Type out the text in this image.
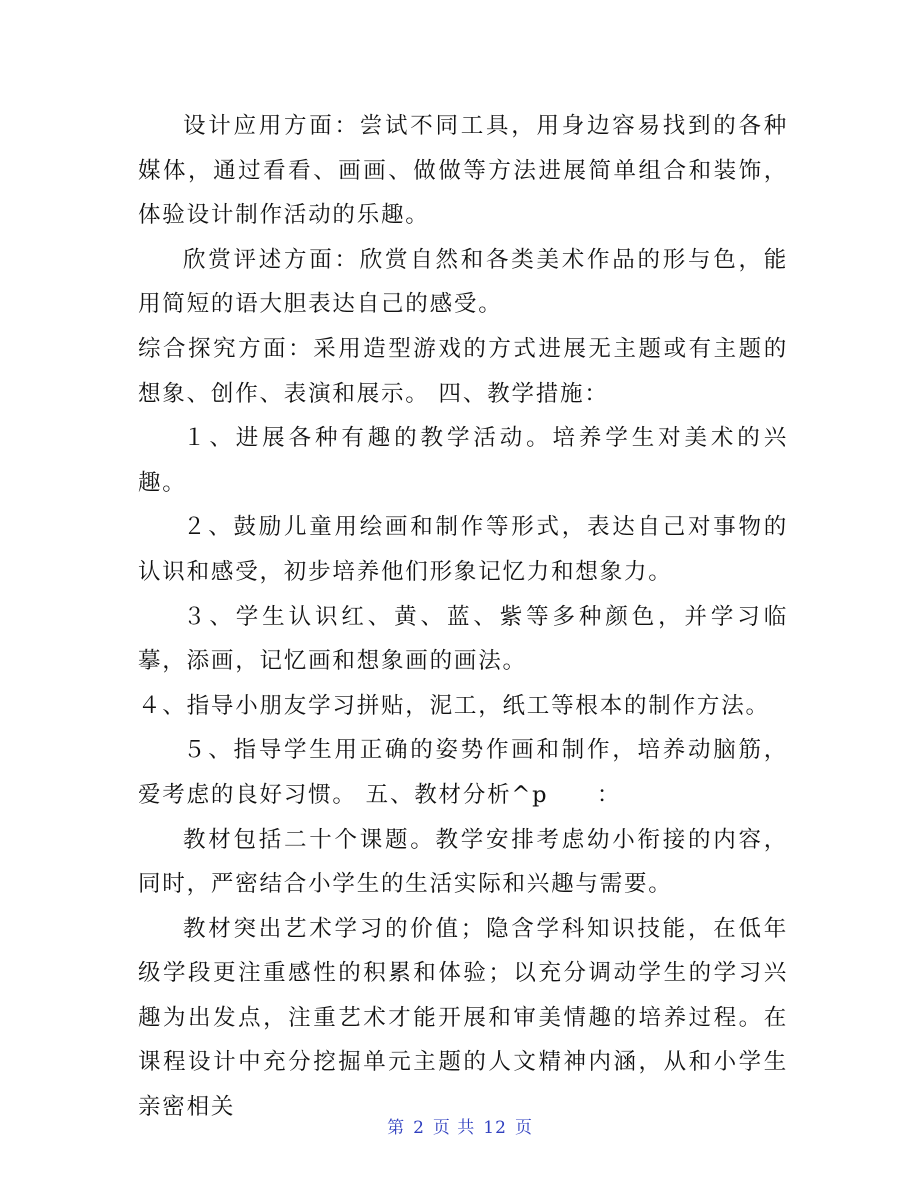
设计应用方面：尝试不同工具，用身边容易找到的各种媒体，通过看看、画画、做做等方法进展简单组合和装饰，体验设计制作活动的乐趣。

欣赏评述方面：欣赏自然和各类美术作品的形与色，能用简短的语大胆表达自己的感受。

综合探究方面：采用造型游戏的方式进展无主题或有主题的想象、创作、表演和展示。 四、教学措施：

１、进展各种有趣的教学活动。培养学生对美术的兴趣。

２、鼓励儿童用绘画和制作等形式，表达自己对事物的认识和感受，初步培养他们形象记忆力和想象力。

３、学生认识红、黄、蓝、紫等多种颜色，并学习临摹，添画，记忆画和想象画的画法。

４、指导小朋友学习拼贴，泥工，纸工等根本的制作方法。

５、指导学生用正确的姿势作画和制作，培养动脑筋，爱考虑的良好习惯。 五、教材分析^p　　：

教材包括二十个课题。教学安排考虑幼小衔接的内容，同时，严密结合小学生的生活实际和兴趣与需要。

教材突出艺术学习的价值；隐含学科知识技能，在低年级学段更注重感性的积累和体验；以充分调动学生的学习兴趣为出发点，注重艺术才能开展和审美情趣的培养过程。在课程设计中充分挖掘单元主题的人文精神内涵，从和小学生亲密相关

第 2 页 共 12 页
